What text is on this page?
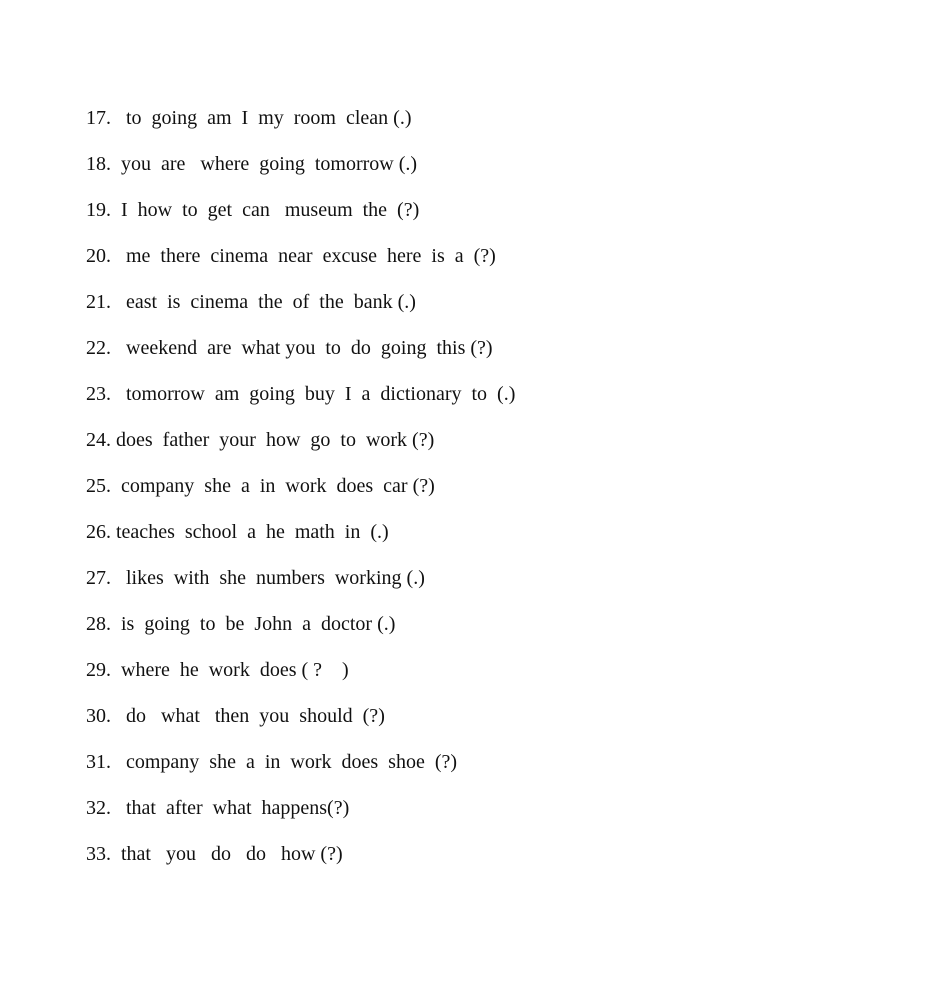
17.   to  going  am  I  my  room  clean (.)
18.  you  are   where  going  tomorrow (.)
19.  I  how  to  get  can   museum  the  (?)
20.   me  there  cinema  near  excuse  here  is  a  (?)
21.   east  is  cinema  the  of  the  bank (.)
22.   weekend  are  what you  to  do  going  this (?)
23.   tomorrow  am  going  buy  I  a  dictionary  to  (.)
24. does  father  your  how  go  to  work (?)
25.  company  she  a  in  work  does  car (?)
26. teaches  school  a  he  math  in  (.)
27.   likes  with  she  numbers  working (.)
28.  is  going  to  be  John  a  doctor (.)
29.  where  he  work  does ( ?    )
30.   do   what   then  you  should  (?)
31.   company  she  a  in  work  does  shoe  (?)
32.   that  after  what  happens(?)
33.  that   you   do   do   how (?)
